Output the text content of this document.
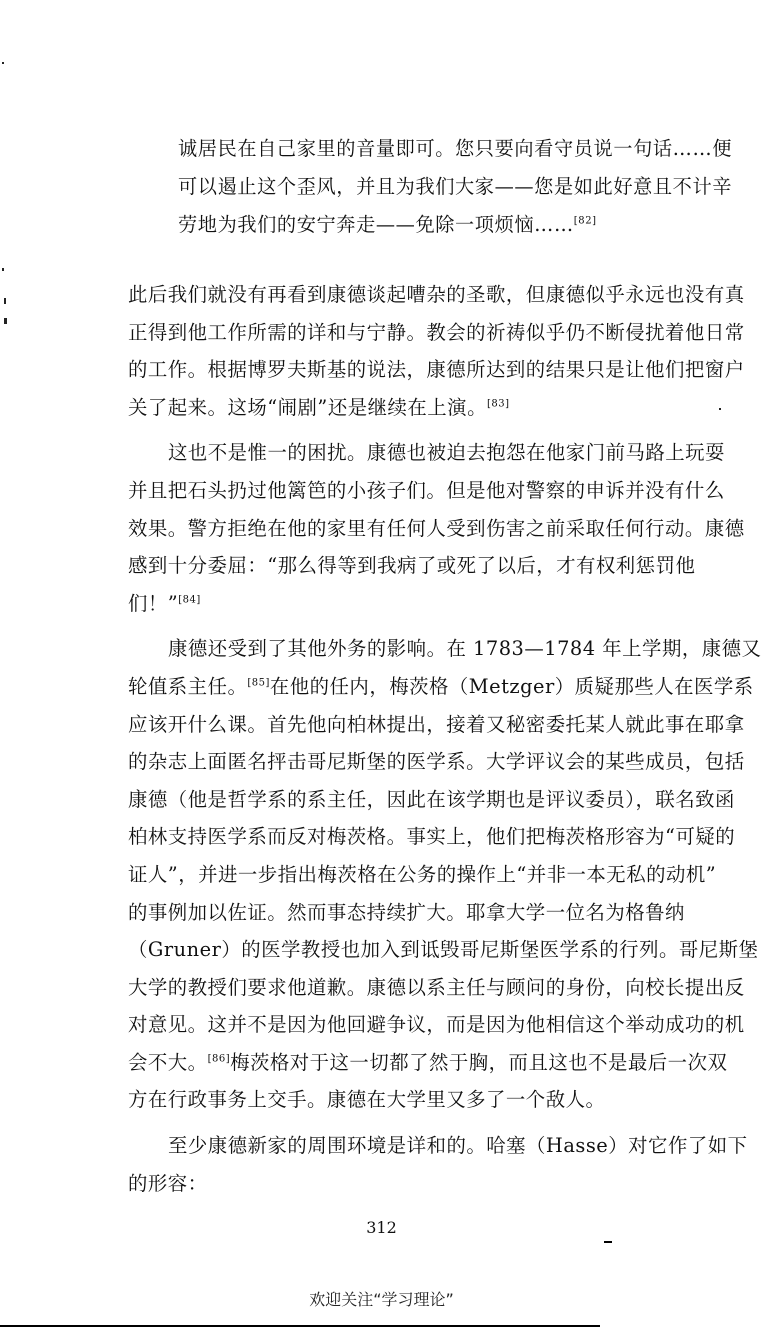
诚居民在自己家里的音量即可。您只要向看守员说一句话……便

可以遏止这个歪风，并且为我们大家——您是如此好意且不计辛

劳地为我们的安宁奔走——免除一项烦恼……[82]

此后我们就没有再看到康德谈起嘈杂的圣歌，但康德似乎永远也没有真
正得到他工作所需的详和与宁静。教会的祈祷似乎仍不断侵扰着他日常
的工作。根据博罗夫斯基的说法，康德所达到的结果只是让他们把窗户
关了起来。这场“闹剧”还是继续在上演。[83]
这也不是惟一的困扰。康德也被迫去抱怨在他家门前马路上玩耍
并且把石头扔过他篱笆的小孩子们。但是他对警察的申诉并没有什么
效果。警方拒绝在他的家里有任何人受到伤害之前采取任何行动。康德
感到十分委屈：“那么得等到我病了或死了以后，才有权利惩罚他
们！”[84]
康德还受到了其他外务的影响。在 1783—1784 年上学期，康德又
轮值系主任。[85]在他的任内，梅茨格（Metzger）质疑那些人在医学系
应该开什么课。首先他向柏林提出，接着又秘密委托某人就此事在耶拿
的杂志上面匿名抨击哥尼斯堡的医学系。大学评议会的某些成员，包括
康德（他是哲学系的系主任，因此在该学期也是评议委员），联名致函
柏林支持医学系而反对梅茨格。事实上，他们把梅茨格形容为“可疑的
证人”，并进一步指出梅茨格在公务的操作上“并非一本无私的动机”
的事例加以佐证。然而事态持续扩大。耶拿大学一位名为格鲁纳
（Gruner）的医学教授也加入到诋毁哥尼斯堡医学系的行列。哥尼斯堡
大学的教授们要求他道歉。康德以系主任与顾问的身份，向校长提出反
对意见。这并不是因为他回避争议，而是因为他相信这个举动成功的机
会不大。[86]梅茨格对于这一切都了然于胸，而且这也不是最后一次双
方在行政事务上交手。康德在大学里又多了一个敌人。
至少康德新家的周围环境是详和的。哈塞（Hasse）对它作了如下
的形容：
312
欢迎关注“学习理论”
